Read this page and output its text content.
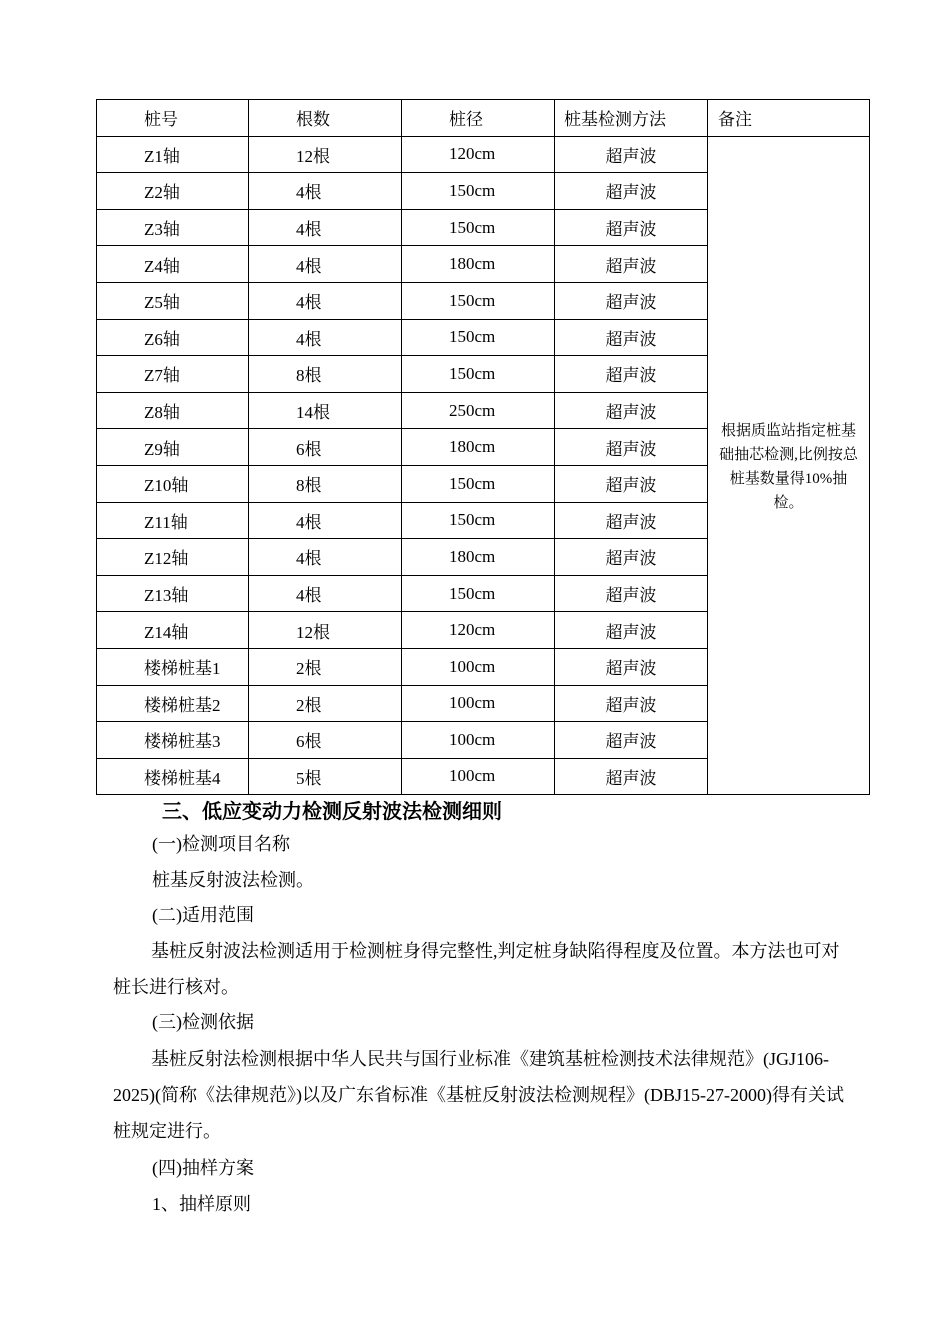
桩号	根数	桩径	桩基检测方法	备注
Z1轴	12根	120cm	超声波	根据质监站指定桩基础抽芯检测,比例按总桩基数量得10%抽检。
Z2轴	4根	150cm	超声波	
Z3轴	4根	150cm	超声波	
Z4轴	4根	180cm	超声波	
Z5轴	4根	150cm	超声波	
Z6轴	4根	150cm	超声波	
Z7轴	8根	150cm	超声波	
Z8轴	14根	250cm	超声波	
Z9轴	6根	180cm	超声波	
Z10轴	8根	150cm	超声波	
Z11轴	4根	150cm	超声波	
Z12轴	4根	180cm	超声波	
Z13轴	4根	150cm	超声波	
Z14轴	12根	120cm	超声波	
楼梯桩基1	2根	100cm	超声波	
楼梯桩基2	2根	100cm	超声波	
楼梯桩基3	6根	100cm	超声波	
楼梯桩基4	5根	100cm	超声波	
三、低应变动力检测反射波法检测细则

(一)检测项目名称

桩基反射波法检测。

(二)适用范围

基桩反射波法检测适用于检测桩身得完整性,判定桩身缺陷得程度及位置。本方法也可对桩长进行核对。

(三)检测依据

基桩反射法检测根据中华人民共与国行业标准《建筑基桩检测技术法律规范》(JGJ106-2025)(简称《法律规范》)以及广东省标准《基桩反射波法检测规程》(DBJ15-27-2000)得有关试桩规定进行。

(四)抽样方案

1、抽样原则
